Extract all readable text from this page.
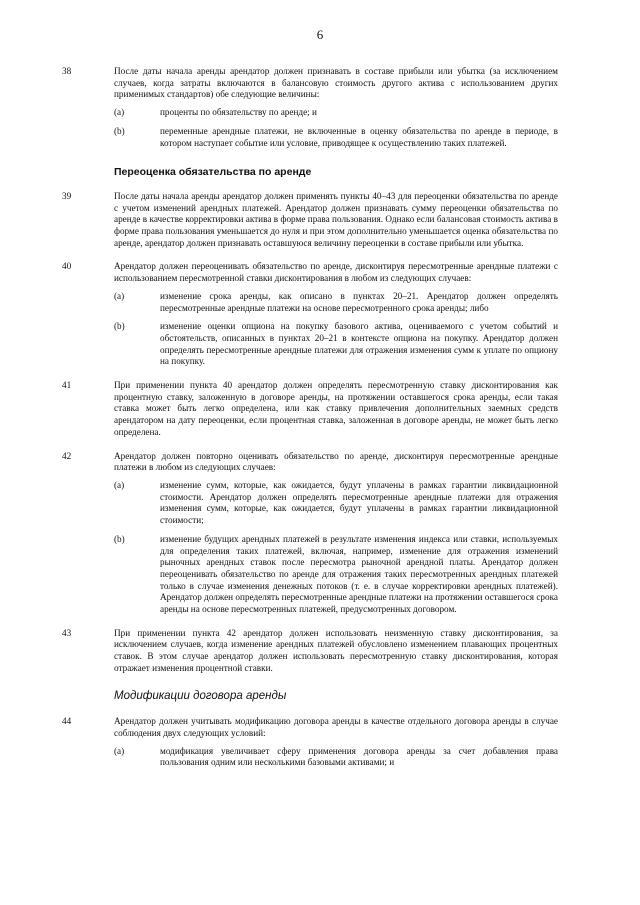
6
38	После даты начала аренды арендатор должен признавать в составе прибыли или убытка (за исключением случаев, когда затраты включаются в балансовую стоимость другого актива с использованием других применимых стандартов) обе следующие величины:
(a)	проценты по обязательству по аренде; и
(b)	переменные арендные платежи, не включенные в оценку обязательства по аренде в периоде, в котором наступает событие или условие, приводящее к осуществлению таких платежей.
Переоценка обязательства по аренде
39	После даты начала аренды арендатор должен применять пункты 40–43 для переоценки обязательства по аренде с учетом изменений арендных платежей. Арендатор должен признавать сумму переоценки обязательства по аренде в качестве корректировки актива в форме права пользования. Однако если балансовая стоимость актива в форме права пользования уменьшается до нуля и при этом дополнительно уменьшается оценка обязательства по аренде, арендатор должен признавать оставшуюся величину переоценки в составе прибыли или убытка.
40	Арендатор должен переоценивать обязательство по аренде, дисконтируя пересмотренные арендные платежи с использованием пересмотренной ставки дисконтирования в любом из следующих случаев:
(a)	изменение срока аренды, как описано в пунктах 20–21. Арендатор должен определять пересмотренные арендные платежи на основе пересмотренного срока аренды; либо
(b)	изменение оценки опциона на покупку базового актива, оцениваемого с учетом событий и обстоятельств, описанных в пунктах 20–21 в контексте опциона на покупку. Арендатор должен определять пересмотренные арендные платежи для отражения изменения сумм к уплате по опциону на покупку.
41	При применении пункта 40 арендатор должен определять пересмотренную ставку дисконтирования как процентную ставку, заложенную в договоре аренды, на протяжении оставшегося срока аренды, если такая ставка может быть легко определена, или как ставку привлечения дополнительных заемных средств арендатором на дату переоценки, если процентная ставка, заложенная в договоре аренды, не может быть легко определена.
42	Арендатор должен повторно оценивать обязательство по аренде, дисконтируя пересмотренные арендные платежи в любом из следующих случаев:
(a)	изменение сумм, которые, как ожидается, будут уплачены в рамках гарантии ликвидационной стоимости. Арендатор должен определять пересмотренные арендные платежи для отражения изменения сумм, которые, как ожидается, будут уплачены в рамках гарантии ликвидационной стоимости;
(b)	изменение будущих арендных платежей в результате изменения индекса или ставки, используемых для определения таких платежей, включая, например, изменение для отражения изменений рыночных арендных ставок после пересмотра рыночной арендной платы. Арендатор должен переоценивать обязательство по аренде для отражения таких пересмотренных арендных платежей только в случае изменения денежных потоков (т. е. в случае корректировки арендных платежей). Арендатор должен определять пересмотренные арендные платежи на протяжении оставшегося срока аренды на основе пересмотренных платежей, предусмотренных договором.
43	При применении пункта 42 арендатор должен использовать неизменную ставку дисконтирования, за исключением случаев, когда изменение арендных платежей обусловлено изменением плавающих процентных ставок. В этом случае арендатор должен использовать пересмотренную ставку дисконтирования, которая отражает изменения процентной ставки.
Модификации договора аренды
44	Арендатор должен учитывать модификацию договора аренды в качестве отдельного договора аренды в случае соблюдения двух следующих условий:
(a)	модификация увеличивает сферу применения договора аренды за счет добавления права пользования одним или несколькими базовыми активами; и
